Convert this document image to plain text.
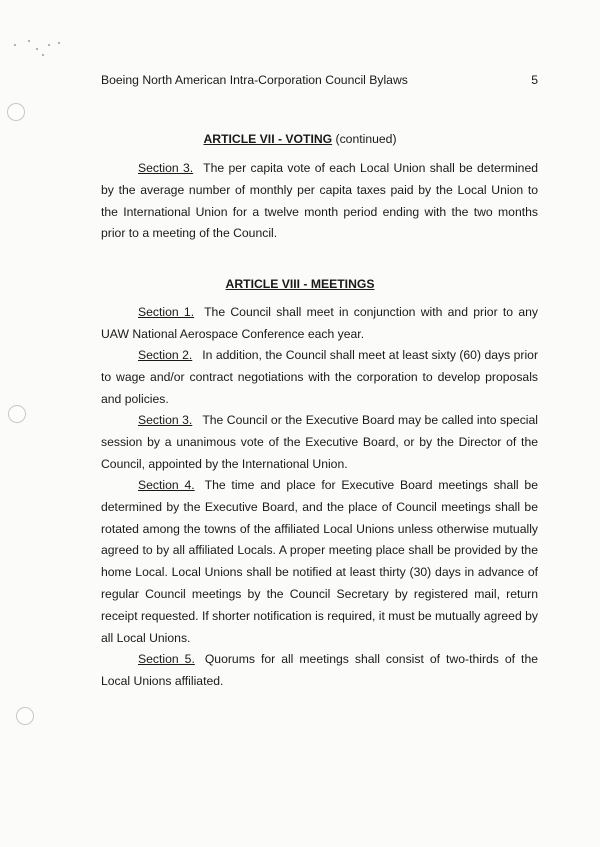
Boeing North American Intra-Corporation Council Bylaws	5
ARTICLE VII - VOTING (continued)

Section 3. The per capita vote of each Local Union shall be determined by the average number of monthly per capita taxes paid by the Local Union to the International Union for a twelve month period ending with the two months prior to a meeting of the Council.

ARTICLE VIII - MEETINGS

Section 1. The Council shall meet in conjunction with and prior to any UAW National Aerospace Conference each year.

Section 2. In addition, the Council shall meet at least sixty (60) days prior to wage and/or contract negotiations with the corporation to develop proposals and policies.

Section 3. The Council or the Executive Board may be called into special session by a unanimous vote of the Executive Board, or by the Director of the Council, appointed by the International Union.

Section 4. The time and place for Executive Board meetings shall be determined by the Executive Board, and the place of Council meetings shall be rotated among the towns of the affiliated Local Unions unless otherwise mutually agreed to by all affiliated Locals. A proper meeting place shall be provided by the home Local. Local Unions shall be notified at least thirty (30) days in advance of regular Council meetings by the Council Secretary by registered mail, return receipt requested. If shorter notification is required, it must be mutually agreed by all Local Unions.

Section 5. Quorums for all meetings shall consist of two-thirds of the Local Unions affiliated.
